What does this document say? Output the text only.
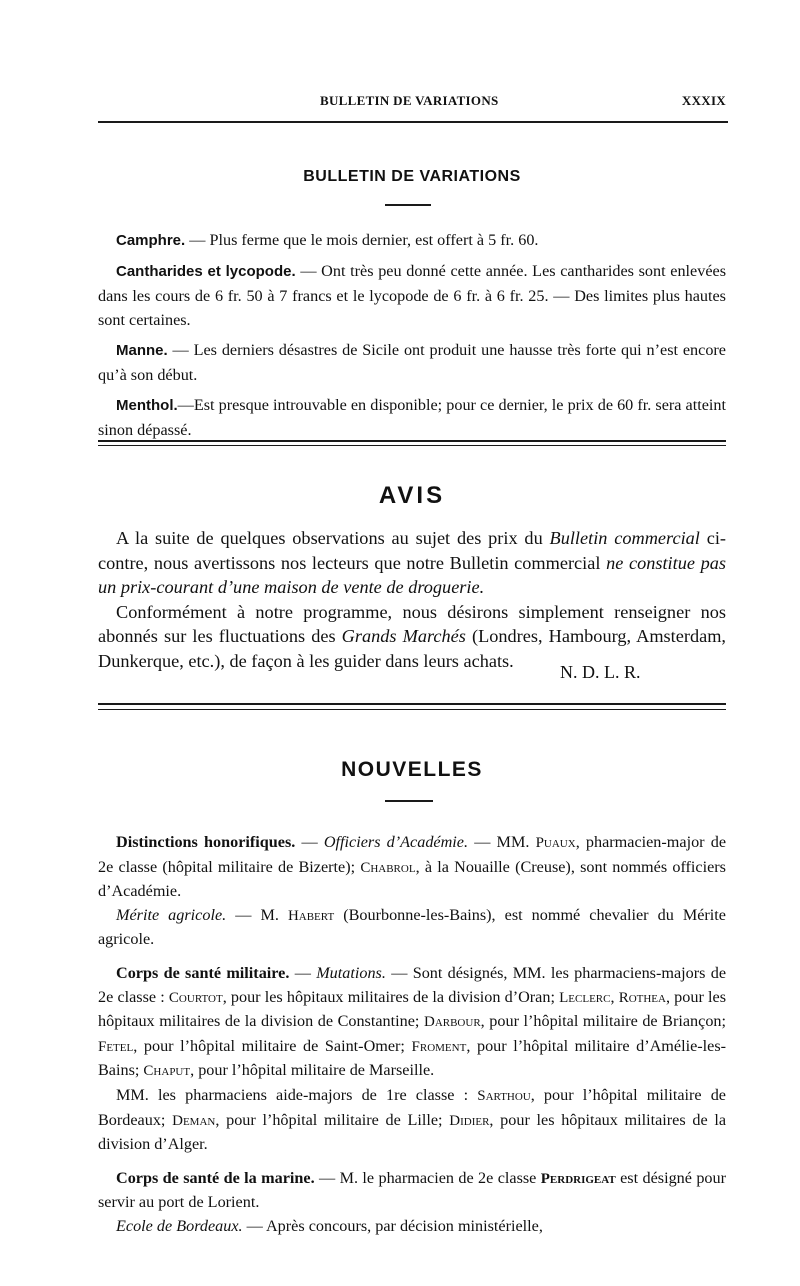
BULLETIN DE VARIATIONS	XXXIX
BULLETIN DE VARIATIONS

Camphre. — Plus ferme que le mois dernier, est offert à 5 fr. 60.

Cantharides et lycopode. — Ont très peu donné cette année. Les cantharides sont enlevées dans les cours de 6 fr. 50 à 7 francs et le lycopode de 6 fr. à 6 fr. 25. — Des limites plus hautes sont certaines.

Manne. — Les derniers désastres de Sicile ont produit une hausse très forte qui n’est encore qu’à son début.

Menthol.—Est presque introuvable en disponible; pour ce dernier, le prix de 60 fr. sera atteint sinon dépassé.

AVIS

A la suite de quelques observations au sujet des prix du Bulletin commercial ci-contre, nous avertissons nos lecteurs que notre Bulletin commercial ne constitue pas un prix-courant d’une maison de vente de droguerie.

Conformément à notre programme, nous désirons simplement renseigner nos abonnés sur les fluctuations des Grands Marchés (Londres, Hambourg, Amsterdam, Dunkerque, etc.), de façon à les guider dans leurs achats.

N. D. L. R.
NOUVELLES

Distinctions honorifiques. — Officiers d’Académie. — MM. Puaux, pharmacien-major de 2e classe (hôpital militaire de Bizerte); Chabrol, à la Nouaille (Creuse), sont nommés officiers d’Académie.

Mérite agricole. — M. Habert (Bourbonne-les-Bains), est nommé chevalier du Mérite agricole.

Corps de santé militaire. — Mutations. — Sont désignés, MM. les pharmaciens-majors de 2e classe : Courtot, pour les hôpitaux militaires de la division d’Oran; Leclerc, Rothea, pour les hôpitaux militaires de la division de Constantine; Darbour, pour l’hôpital militaire de Briançon; Fetel, pour l’hôpital militaire de Saint-Omer; Froment, pour l’hôpital militaire d’Amélie-les-Bains; Chaput, pour l’hôpital militaire de Marseille.

MM. les pharmaciens aide-majors de 1re classe : Sarthou, pour l’hôpital militaire de Bordeaux; Deman, pour l’hôpital militaire de Lille; Didier, pour les hôpitaux militaires de la division d’Alger.

Corps de santé de la marine. — M. le pharmacien de 2e classe Perdrigeat est désigné pour servir au port de Lorient.

Ecole de Bordeaux. — Après concours, par décision ministérielle,
